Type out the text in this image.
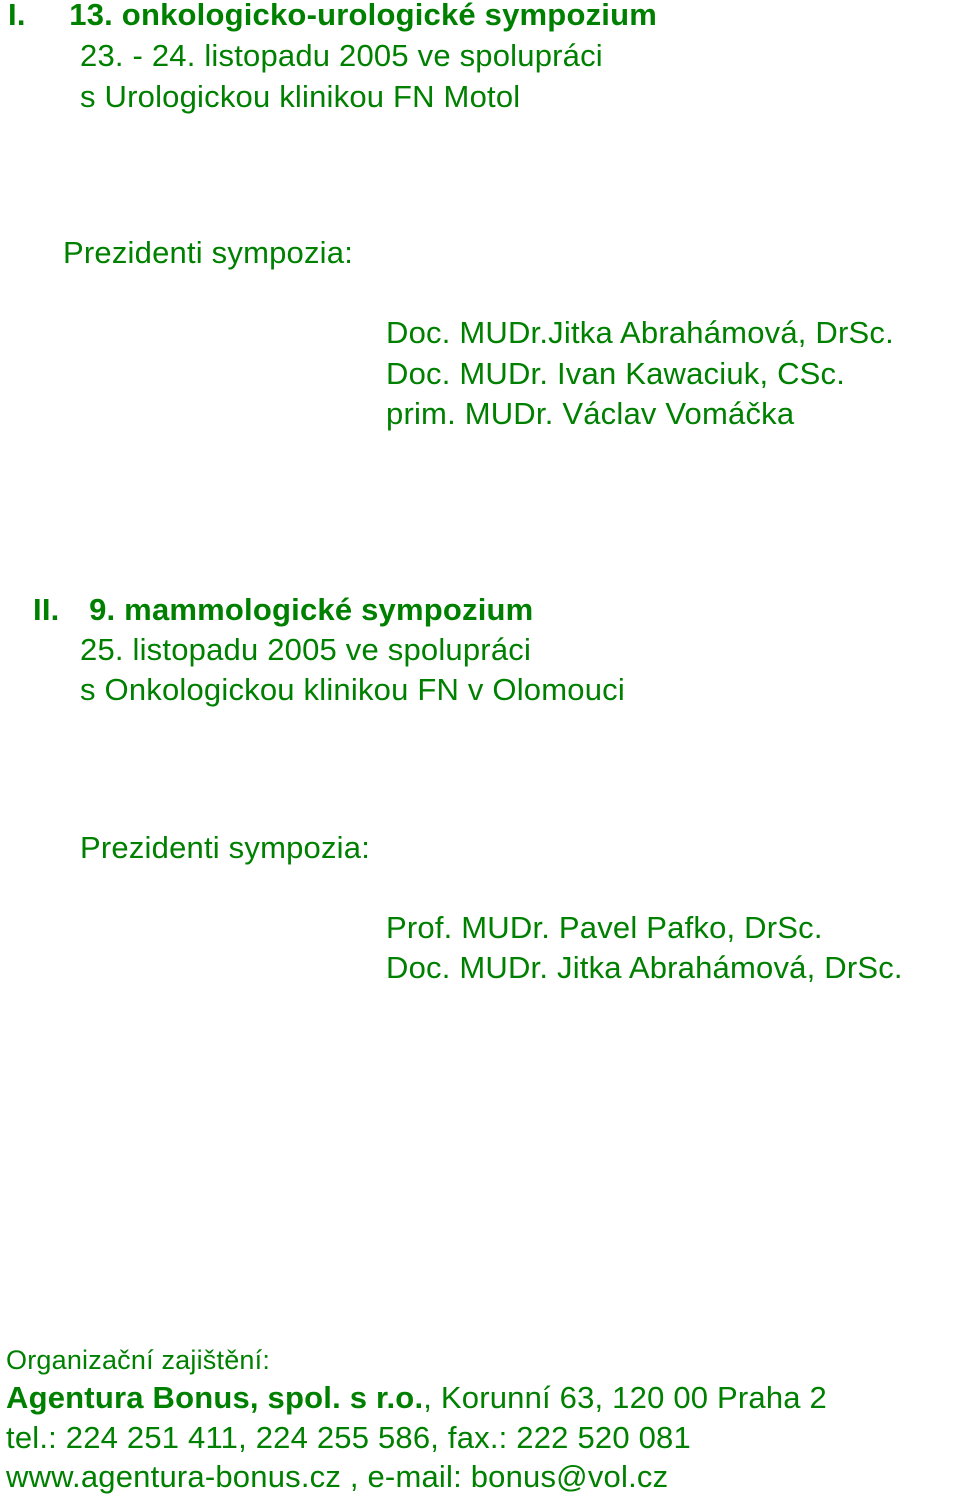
I. 13. onkologicko-urologické sympozium
23. - 24. listopadu 2005 ve spolupráci
s Urologickou klinikou FN Motol
Prezidenti sympozia:
Doc. MUDr.Jitka Abrahámová, DrSc.
Doc. MUDr. Ivan Kawaciuk, CSc.
prim. MUDr. Václav Vomáčka
II. 9. mammologické sympozium
25. listopadu 2005 ve spolupráci
s Onkologickou klinikou FN v Olomouci
Prezidenti sympozia:
Prof. MUDr. Pavel Pafko, DrSc.
Doc. MUDr. Jitka Abrahámová, DrSc.
Organizační zajištění:
Agentura Bonus, spol. s r.o., Korunní 63, 120 00 Praha 2
tel.: 224 251 411, 224 255 586, fax.: 222 520 081
www.agentura-bonus.cz , e-mail: bonus@vol.cz
